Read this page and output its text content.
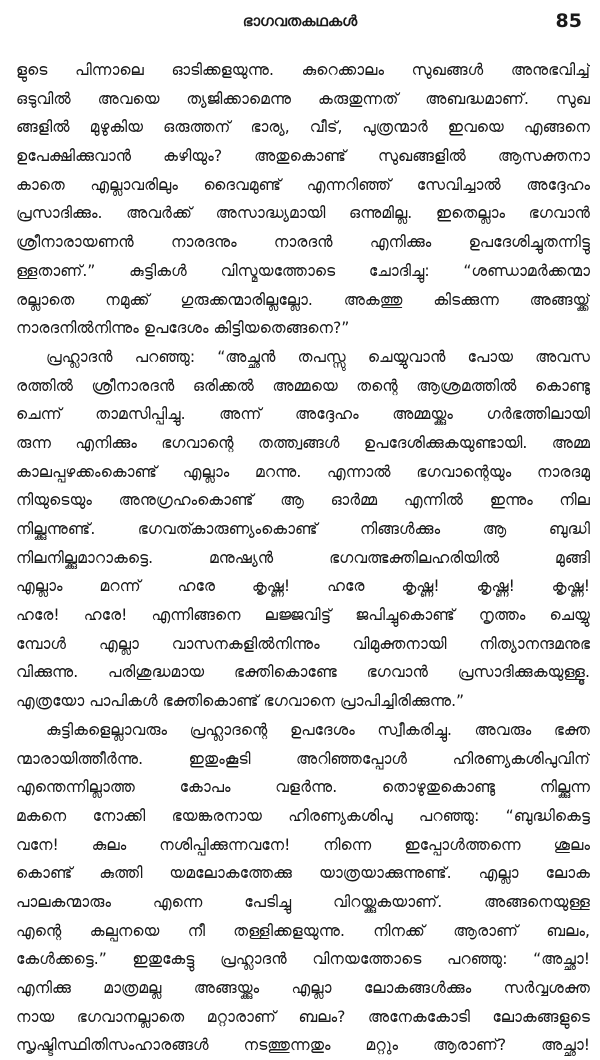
ഭാഗവതകഥകൾ	85
ളുടെ പിന്നാലെ ഓടിക്കളയുന്നു. കുറെക്കാലം സുഖങ്ങൾ അനുഭവിച്ച്
ഒടുവിൽ അവയെ ത്യജിക്കാമെന്നു കരുതുന്നത് അബദ്ധമാണ്. സുഖ
ങ്ങളിൽ മുഴുകിയ ഒരുത്തന് ഭാര്യ, വീട്, പുത്രന്മാർ ഇവയെ എങ്ങനെ
ഉപേക്ഷിക്കുവാൻ കഴിയും? അതുകൊണ്ട് സുഖങ്ങളിൽ ആസക്തനാ
കാതെ എല്ലാവരിലും ദൈവമുണ്ട് എന്നറിഞ്ഞ് സേവിച്ചാൽ അദ്ദേഹം
പ്രസാദിക്കും. അവർക്ക് അസാദ്ധ്യമായി ഒന്നുമില്ല. ഇതെല്ലാം ഭഗവാൻ
ശ്രീനാരായണൻ നാരദനും നാരദൻ എനിക്കും ഉപദേശിച്ചുതന്നിട്ടു
ള്ളതാണ്.” കുട്ടികൾ വിസ്മയത്തോടെ ചോദിച്ചു: “ശണ്ഡാമർക്കന്മാ
രല്ലാതെ നമുക്ക് ഗുരുക്കന്മാരില്ലല്ലോ. അകത്തു കിടക്കുന്ന അങ്ങയ്ക്ക്
നാരദനിൽനിന്നും ഉപദേശം കിട്ടിയതെങ്ങനെ?”
പ്രഹ്ലാദൻ പറഞ്ഞു: “അച്ഛൻ തപസ്സു ചെയ്യുവാൻ പോയ അവസ
രത്തിൽ ശ്രീനാരദൻ ഒരിക്കൽ അമ്മയെ തന്റെ ആശ്രമത്തിൽ കൊണ്ടു
ചെന്ന് താമസിപ്പിച്ചു. അന്ന് അദ്ദേഹം അമ്മയ്ക്കും ഗർഭത്തിലായി
രുന്ന എനിക്കും ഭഗവാന്റെ തത്ത്വങ്ങൾ ഉപദേശിക്കുകയുണ്ടായി. അമ്മ
കാലപ്പഴക്കംകൊണ്ട് എല്ലാം മറന്നു. എന്നാൽ ഭഗവാന്റെയും നാരദമു
നിയുടെയും അനുഗ്രഹംകൊണ്ട് ആ ഓർമ്മ എന്നിൽ ഇന്നും നില
നില്ക്കുന്നുണ്ട്. ഭഗവത്കാരുണ്യംകൊണ്ട് നിങ്ങൾക്കും ആ ബുദ്ധി
നിലനില്ക്കുമാറാകട്ടെ. മനുഷ്യൻ ഭഗവത്ഭക്തിലഹരിയിൽ മുങ്ങി
എല്ലാം മറന്ന് ഹരേ കൃഷ്ണ! ഹരേ കൃഷ്ണ! കൃഷ്ണ! കൃഷ്ണ!
ഹരേ! ഹരേ! എന്നിങ്ങനെ ലജ്ജവിട്ട് ജപിച്ചുകൊണ്ട് നൃത്തം ചെയ്യു
മ്പോൾ എല്ലാ വാസനകളിൽനിന്നും വിമുക്തനായി നിത്യാനന്ദമനുഭ
വിക്കുന്നു. പരിശുദ്ധമായ ഭക്തികൊണ്ടേ ഭഗവാൻ പ്രസാദിക്കുകയുള്ളൂ.
എത്രയോ പാപികൾ ഭക്തികൊണ്ട് ഭഗവാനെ പ്രാപിച്ചിരിക്കുന്നു.”
കുട്ടികളെല്ലാവരും പ്രഹ്ലാദന്റെ ഉപദേശം സ്വീകരിച്ചു. അവരും ഭക്ത
ന്മാരായിത്തീർന്നു. ഇതുംകൂടി അറിഞ്ഞപ്പോൾ ഹിരണ്യകശിപുവിന്
എന്തെന്നില്ലാത്ത കോപം വളർന്നു. തൊഴുതുകൊണ്ടു നില്ക്കുന്ന
മകനെ നോക്കി ഭയങ്കരനായ ഹിരണ്യകശിപു പറഞ്ഞു: “ബുദ്ധികെട്ട
വനേ! കുലം നശിപ്പിക്കുന്നവനേ! നിന്നെ ഇപ്പോൾത്തന്നെ ശൂലം
കൊണ്ട് കുത്തി യമലോകത്തേക്കു യാത്രയാക്കുന്നുണ്ട്. എല്ലാ ലോക
പാലകന്മാരും എന്നെ പേടിച്ചു വിറയ്ക്കുകയാണ്. അങ്ങനെയുള്ള
എന്റെ കല്പനയെ നീ തള്ളിക്കളയുന്നു. നിനക്ക് ആരാണ് ബലം,
കേൾക്കട്ടെ.” ഇതുകേട്ടു പ്രഹ്ലാദൻ വിനയത്തോടെ പറഞ്ഞു: “അച്ഛാ!
എനിക്കു മാത്രമല്ല അങ്ങയ്ക്കും എല്ലാ ലോകങ്ങൾക്കും സർവ്വശക്ത
നായ ഭഗവാനല്ലാതെ മറ്റാരാണ് ബലം? അനേകകോടി ലോകങ്ങളുടെ
സൃഷ്ടിസ്ഥിതിസംഹാരങ്ങൾ നടത്തുന്നതും മറ്റും ആരാണ്? അച്ഛാ!
